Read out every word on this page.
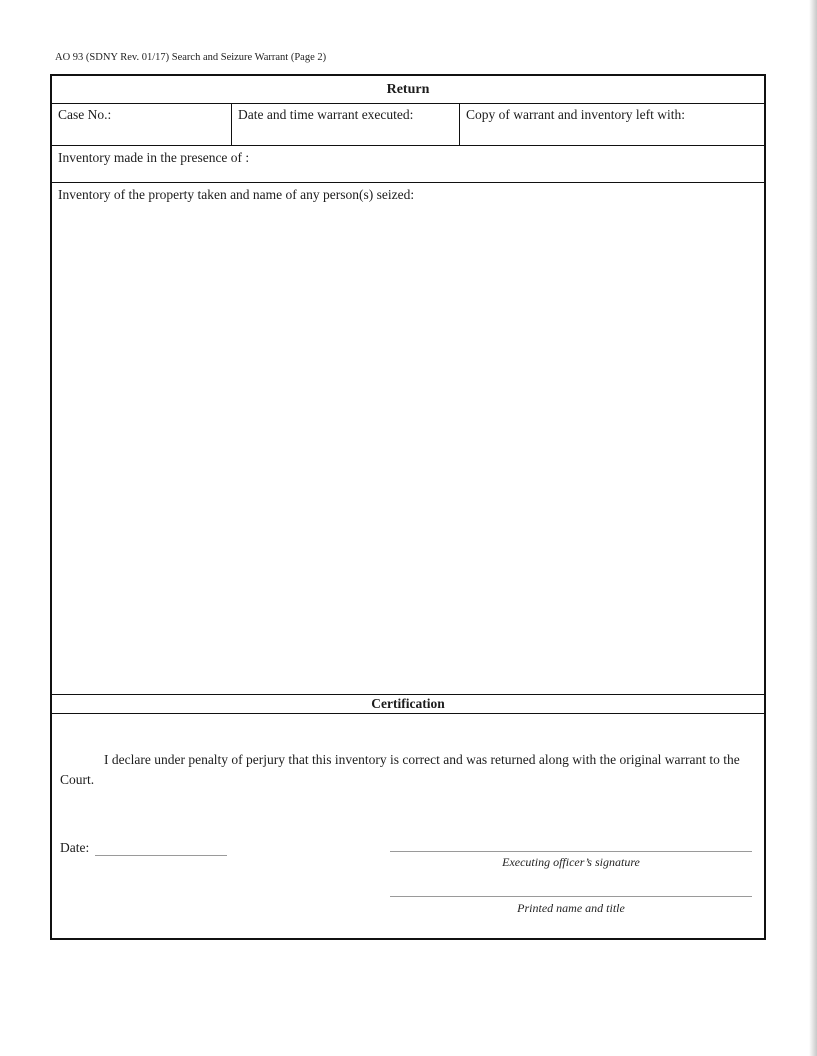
AO 93 (SDNY Rev. 01/17) Search and Seizure Warrant (Page 2)
Return
Case No.:	Date and time warrant executed:	Copy of warrant and inventory left with:
Inventory made in the presence of :
Inventory of the property taken and name of any person(s) seized:
Certification

I declare under penalty of perjury that this inventory is correct and was returned along with the original warrant to the Court.

Date:
Executing officer’s signature
Printed name and title
